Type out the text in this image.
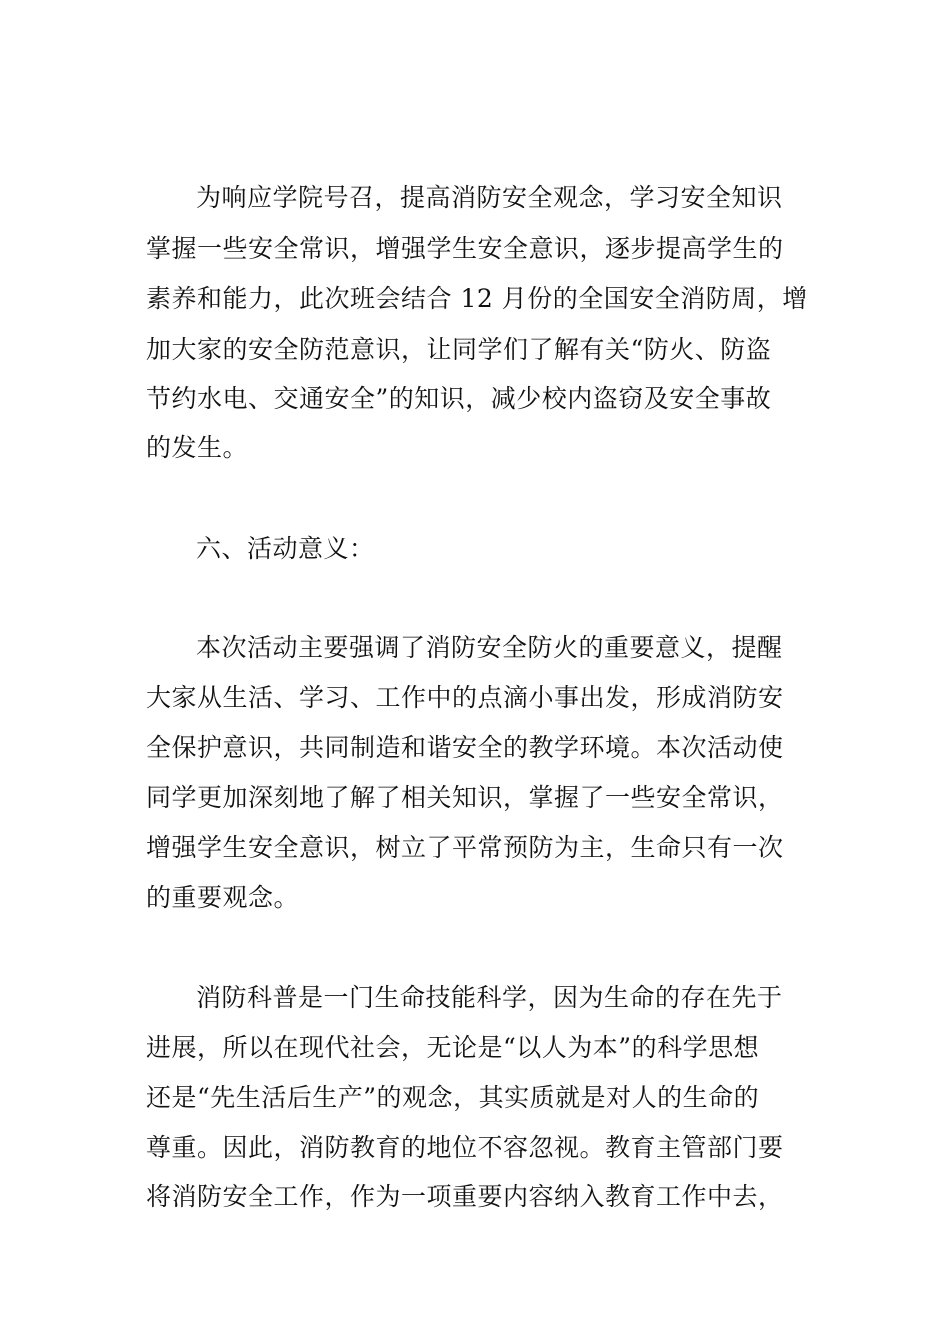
为响应学院号召，提高消防安全观念，学习安全知识
掌握一些安全常识，增强学生安全意识，逐步提高学生的
素养和能力，此次班会结合 12 月份的全国安全消防周，增
加大家的安全防范意识，让同学们了解有关“防火、防盗
节约水电、交通安全”的知识，减少校内盗窃及安全事故
的发生。
六、活动意义：
本次活动主要强调了消防安全防火的重要意义，提醒
大家从生活、学习、工作中的点滴小事出发，形成消防安
全保护意识，共同制造和谐安全的教学环境。本次活动使
同学更加深刻地了解了相关知识，掌握了一些安全常识，
增强学生安全意识，树立了平常预防为主，生命只有一次
的重要观念。
消防科普是一门生命技能科学，因为生命的存在先于
进展，所以在现代社会，无论是“以人为本”的科学思想
还是“先生活后生产”的观念，其实质就是对人的生命的
尊重。因此，消防教育的地位不容忽视。教育主管部门要
将消防安全工作，作为一项重要内容纳入教育工作中去，
